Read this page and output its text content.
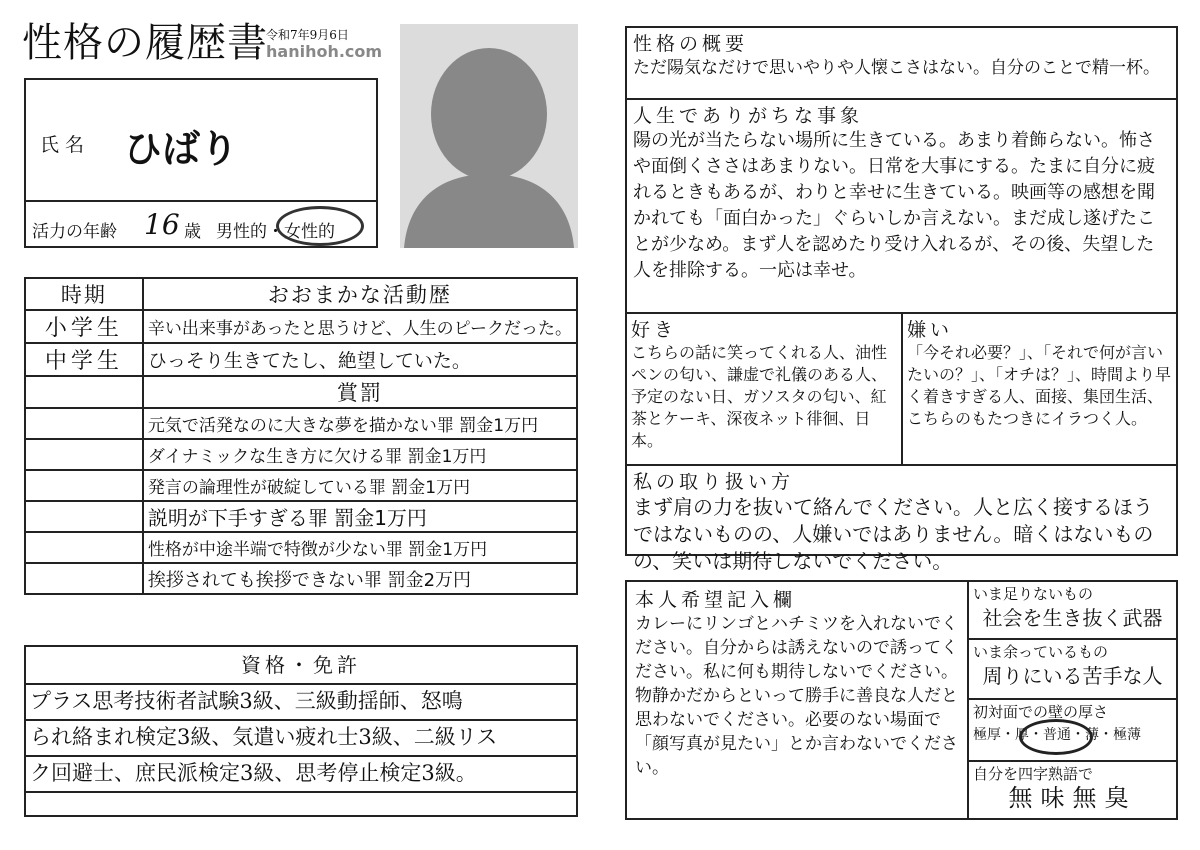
性格の履歴書
令和7年9月6日
hanihoh.com
氏名 ひばり
活力の年齢 16 歳 男性的・女性的
時期	おおまかな活動歴
小学生	辛い出来事があったと思うけど、人生のピークだった。
中学生	ひっそり生きてたし、絶望していた。
	賞罰
	元気で活発なのに大きな夢を描かない罪 罰金1万円
	ダイナミックな生き方に欠ける罪 罰金1万円
	発言の論理性が破綻している罪 罰金1万円
	説明が下手すぎる罪 罰金1万円
	性格が中途半端で特徴が少ない罪 罰金1万円
	挨拶されても挨拶できない罪 罰金2万円
資格・免許
プラス思考技術者試験3級、三級動揺師、怒鳴
られ絡まれ検定3級、気遣い疲れ士3級、二級リス
ク回避士、庶民派検定3級、思考停止検定3級。
性格の概要
ただ陽気なだけで思いやりや人懐こさはない。自分のことで精一杯。
人生でありがちな事象
陽の光が当たらない場所に生きている。あまり着飾らない。怖さや面倒くささはあまりない。日常を大事にする。たまに自分に疲れるときもあるが、わりと幸せに生きている。映画等の感想を聞かれても「面白かった」ぐらいしか言えない。まだ成し遂げたことが少なめ。まず人を認めたり受け入れるが、その後、失望した人を排除する。一応は幸せ。
好き
こちらの話に笑ってくれる人、油性ペンの匂い、謙虚で礼儀のある人、予定のない日、ガソスタの匂い、紅茶とケーキ、深夜ネット徘徊、日本。
嫌い
「今それ必要？」、「それで何が言いたいの？」、「オチは？」、時間より早く着きすぎる人、面接、集団生活、こちらのもたつきにイラつく人。
私の取り扱い方
まず肩の力を抜いて絡んでください。人と広く接するほうではないものの、人嫌いではありません。暗くはないものの、笑いは期待しないでください。
本人希望記入欄
カレーにリンゴとハチミツを入れないでください。自分からは誘えないので誘ってください。私に何も期待しないでください。物静かだからといって勝手に善良な人だと思わないでください。必要のない場面で「顔写真が見たい」とか言わないでください。
いま足りないもの
社会を生き抜く武器
いま余っているもの
周りにいる苦手な人
初対面での壁の厚さ
極厚・厚・普通・薄・極薄
自分を四字熟語で
無味無臭
